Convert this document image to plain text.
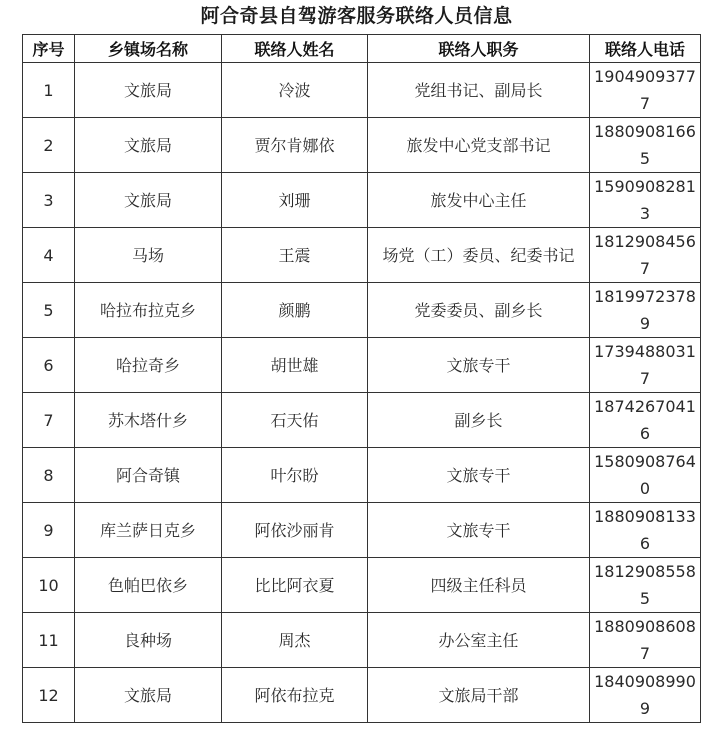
阿合奇县自驾游客服务联络人员信息
序号	乡镇场名称	联络人姓名	联络人职务	联络人电话
1	文旅局	冷波	党组书记、副局长	19049093777
2	文旅局	贾尔肯娜依	旅发中心党支部书记	18809081665
3	文旅局	刘珊	旅发中心主任	15909082813
4	马场	王震	场党（工）委员、纪委书记	18129084567
5	哈拉布拉克乡	颜鹏	党委委员、副乡长	18199723789
6	哈拉奇乡	胡世雄	文旅专干	17394880317
7	苏木塔什乡	石天佑	副乡长	18742670416
8	阿合奇镇	叶尔盼	文旅专干	15809087640
9	库兰萨日克乡	阿依沙丽肯	文旅专干	18809081336
10	色帕巴依乡	比比阿衣夏	四级主任科员	18129085585
11	良种场	周杰	办公室主任	18809086087
12	文旅局	阿依布拉克	文旅局干部	18409089909
